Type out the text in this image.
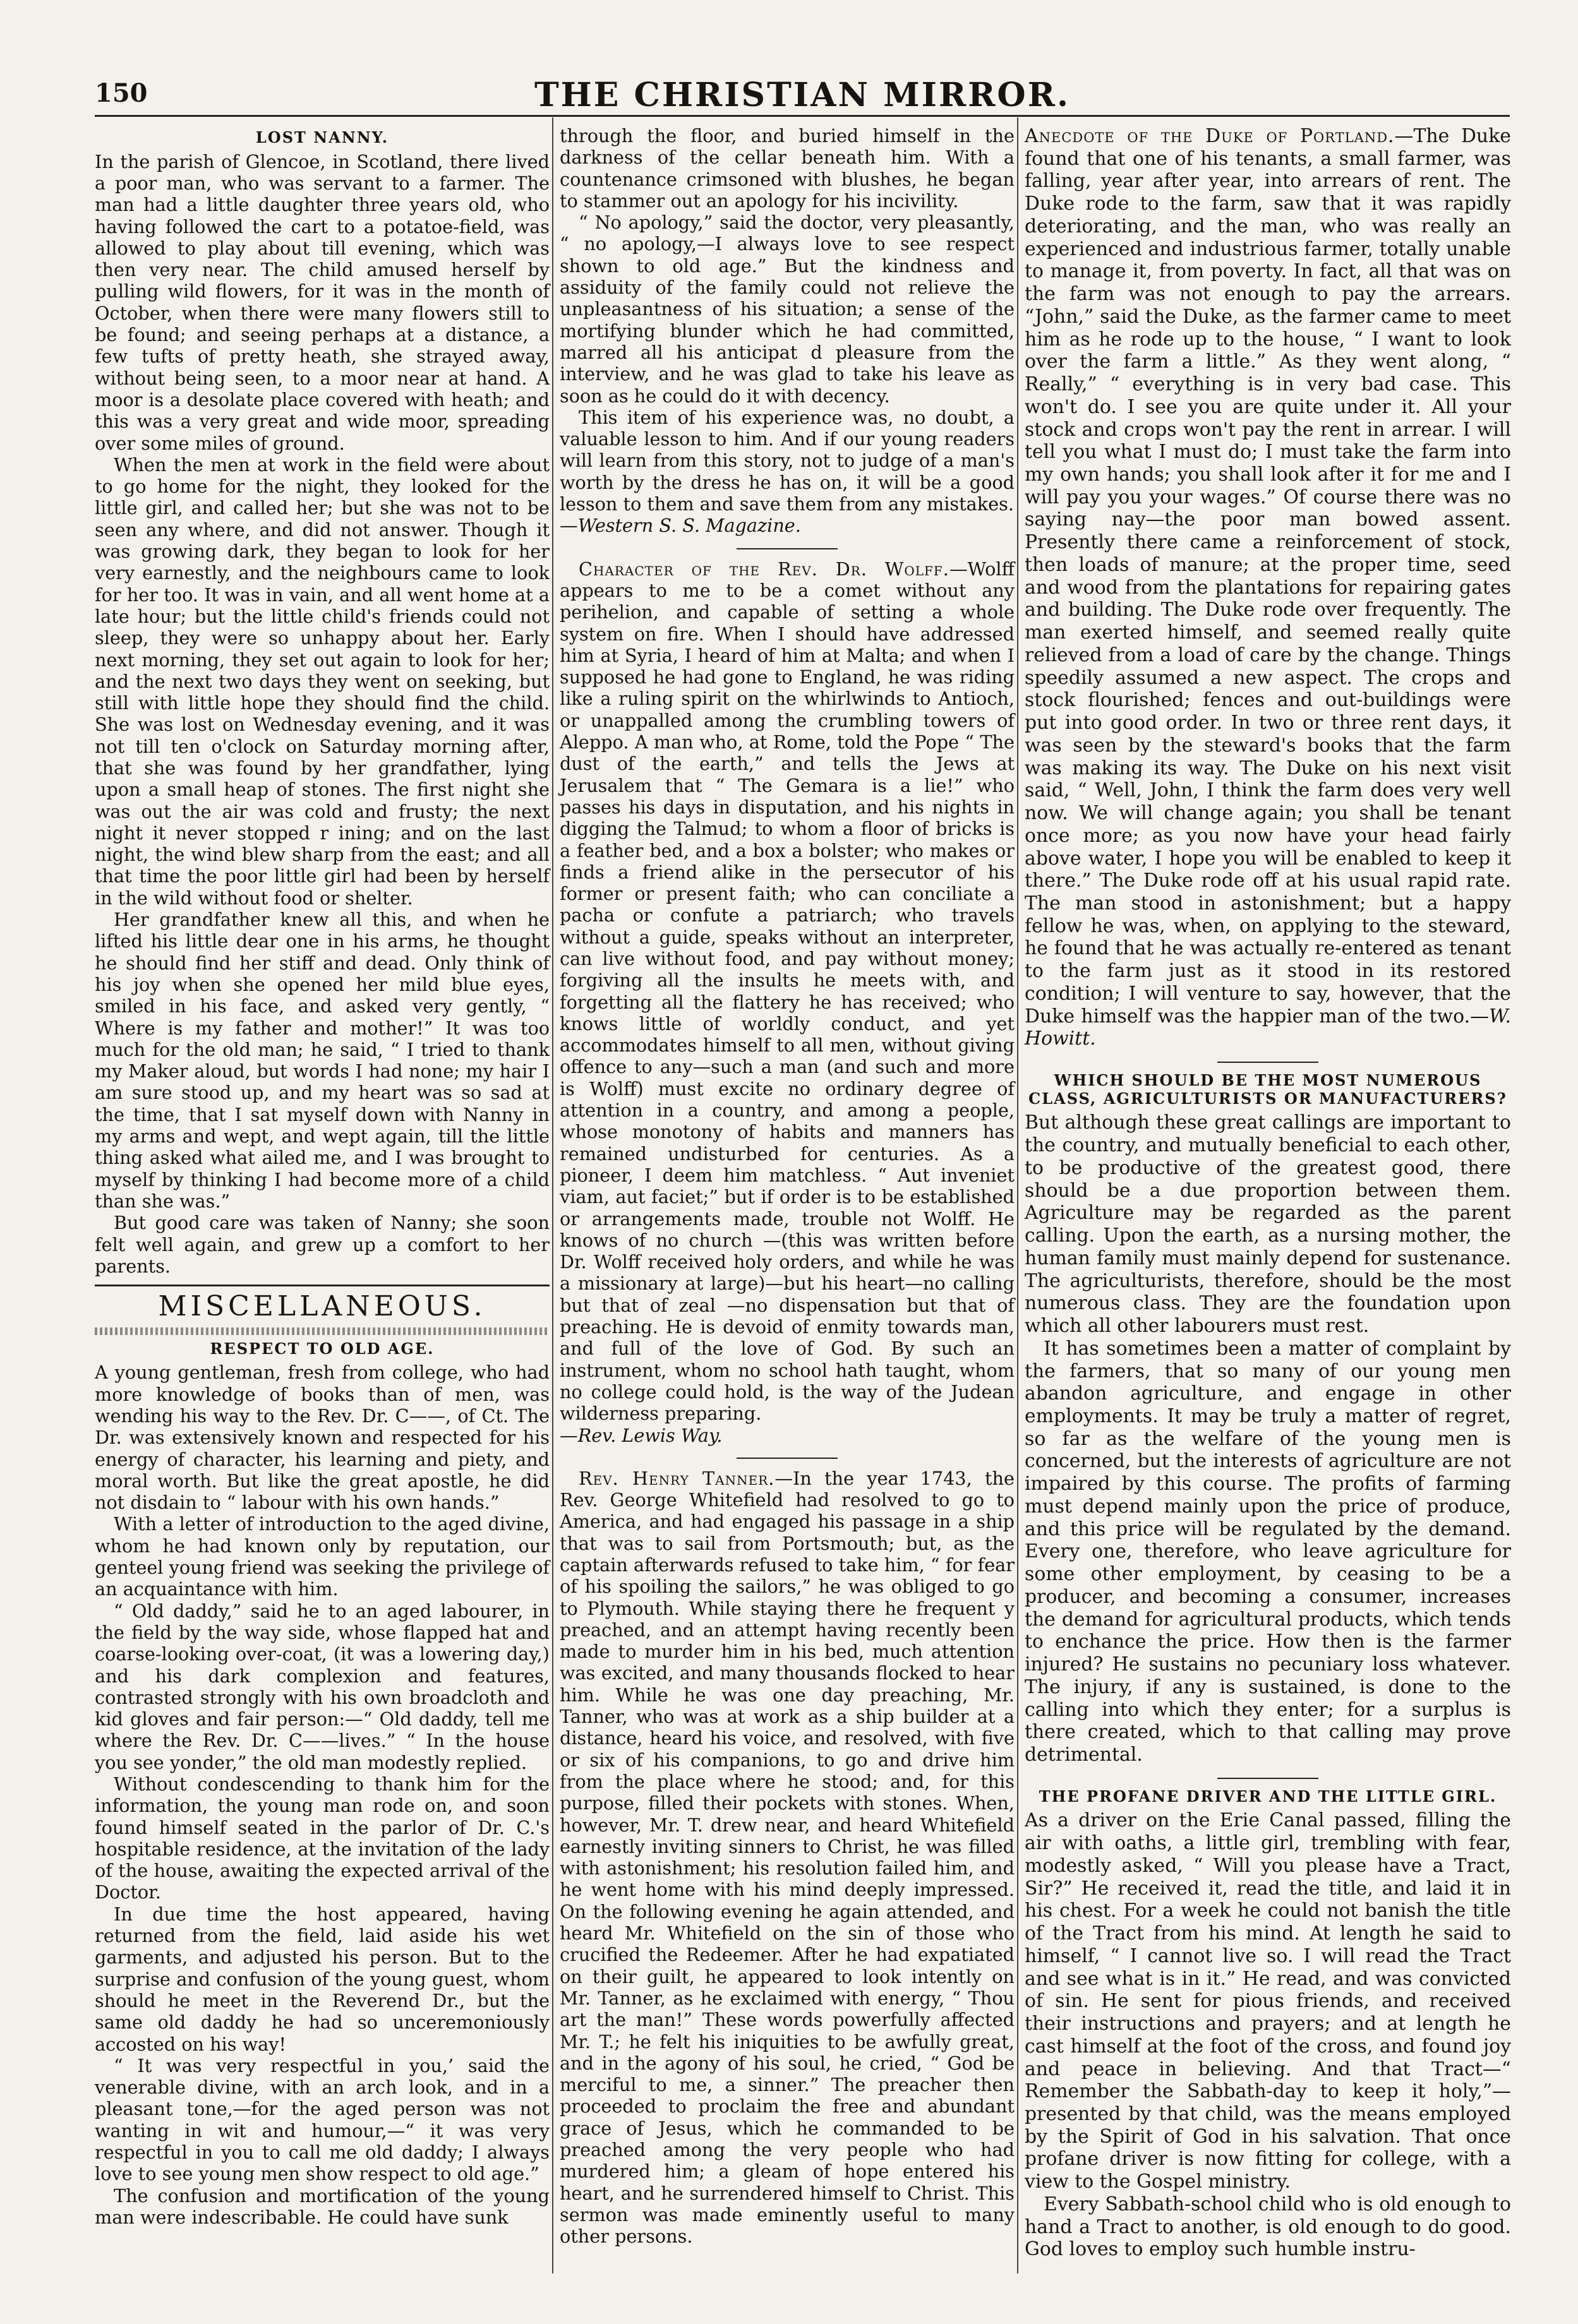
150	THE CHRISTIAN MIRROR.
LOST NANNY.

In the parish of Glencoe, in Scotland, there lived a poor man, who was servant to a farmer. The man had a little daughter three years old, who having followed the cart to a potatoe-field, was allowed to play about till evening, which was then very near. The child amused herself by pulling wild flowers, for it was in the month of October, when there were many flowers still to be found; and seeing perhaps at a distance, a few tufts of pretty heath, she strayed away, without being seen, to a moor near at hand. A moor is a desolate place covered with heath; and this was a very great and wide moor, spreading over some miles of ground.

When the men at work in the field were about to go home for the night, they looked for the little girl, and called her; but she was not to be seen any where, and did not answer. Though it was growing dark, they began to look for her very earnestly, and the neighbours came to look for her too. It was in vain, and all went home at a late hour; but the little child's friends could not sleep, they were so unhappy about her. Early next morning, they set out again to look for her; and the next two days they went on seeking, but still with little hope they should find the child. She was lost on Wednesday evening, and it was not till ten o'clock on Saturday morning after, that she was found by her grandfather, lying upon a small heap of stones. The first night she was out the air was cold and frusty; the next night it never stopped r ining; and on the last night, the wind blew sharp from the east; and all that time the poor little girl had been by herself in the wild without food or shelter.

Her grandfather knew all this, and when he lifted his little dear one in his arms, he thought he should find her stiff and dead. Only think of his joy when she opened her mild blue eyes, smiled in his face, and asked very gently, “ Where is my father and mother!” It was too much for the old man; he said, “ I tried to thank my Maker aloud, but words I had none; my hair I am sure stood up, and my heart was so sad at the time, that I sat myself down with Nanny in my arms and wept, and wept again, till the little thing asked what ailed me, and I was brought to myself by thinking I had become more of a child than she was.”

But good care was taken of Nanny; she soon felt well again, and grew up a comfort to her parents.

MISCELLANEOUS.
RESPECT TO OLD AGE.

A young gentleman, fresh from college, who had more knowledge of books than of men, was wending his way to the Rev. Dr. C——, of Ct. The Dr. was extensively known and respected for his energy of character, his learning and piety, and moral worth. But like the great apostle, he did not disdain to “ labour with his own hands.”

With a letter of introduction to the aged divine, whom he had known only by reputation, our genteel young friend was seeking the privilege of an acquaintance with him.

“ Old daddy,” said he to an aged labourer, in the field by the way side, whose flapped hat and coarse-looking over-coat, (it was a lowering day,) and his dark complexion and features, contrasted strongly with his own broadcloth and kid gloves and fair person:—“ Old daddy, tell me where the Rev. Dr. C——lives.” “ In the house you see yonder,” the old man modestly replied.

Without condescending to thank him for the information, the young man rode on, and soon found himself seated in the parlor of Dr. C.'s hospitable residence, at the invitation of the lady of the house, awaiting the expected arrival of the Doctor.

In due time the host appeared, having returned from the field, laid aside his wet garments, and adjusted his person. But to the surprise and confusion of the young guest, whom should he meet in the Reverend Dr., but the same old daddy he had so unceremoniously accosted on his way!

“ It was very respectful in you,’ said the venerable divine, with an arch look, and in a pleasant tone,—for the aged person was not wanting in wit and humour,—“ it was very respectful in you to call me old daddy; I always love to see young men show respect to old age.”

The confusion and mortification of the young man were indescribable. He could have sunk

through the floor, and buried himself in the darkness of the cellar beneath him. With a countenance crimsoned with blushes, he began to stammer out an apology for his incivility.

“ No apology,” said the doctor, very pleasantly, “ no apology,—I always love to see respect shown to old age.” But the kindness and assiduity of the family could not relieve the unpleasantness of his situation; a sense of the mortifying blunder which he had committed, marred all his anticipat d pleasure from the interview, and he was glad to take his leave as soon as he could do it with decency.

This item of his experience was, no doubt, a valuable lesson to him. And if our young readers will learn from this story, not to judge of a man's worth by the dress he has on, it will be a good lesson to them and save them from any mistakes.
—Western S. S. Magazine.

Character of the Rev. Dr. Wolff.—Wolff appears to me to be a comet without any perihelion, and capable of setting a whole system on fire. When I should have addressed him at Syria, I heard of him at Malta; and when I supposed he had gone to England, he was riding like a ruling spirit on the whirlwinds to Antioch, or unappalled among the crumbling towers of Aleppo. A man who, at Rome, told the Pope “ The dust of the earth,” and tells the Jews at Jerusalem that “ The Gemara is a lie!” who passes his days in disputation, and his nights in digging the Talmud; to whom a floor of bricks is a feather bed, and a box a bolster; who makes or finds a friend alike in the persecutor of his former or present faith; who can conciliate a pacha or confute a patriarch; who travels without a guide, speaks without an interpreter, can live without food, and pay without money; forgiving all the insults he meets with, and forgetting all the flattery he has received; who knows little of worldly conduct, and yet accommodates himself to all men, without giving offence to any—such a man (and such and more is Wolff) must excite no ordinary degree of attention in a country, and among a people, whose monotony of habits and manners has remained undisturbed for centuries. As a pioneer, I deem him matchless. “ Aut inveniet viam, aut faciet;” but if order is to be established or arrangements made, trouble not Wolff. He knows of no church —(this was written before Dr. Wolff received holy orders, and while he was a missionary at large)—but his heart—no calling but that of zeal —no dispensation but that of preaching. He is devoid of enmity towards man, and full of the love of God. By such an instrument, whom no school hath taught, whom no college could hold, is the way of the Judean wilderness preparing.
—Rev. Lewis Way.

Rev. Henry Tanner.—In the year 1743, the Rev. George Whitefield had resolved to go to America, and had engaged his passage in a ship that was to sail from Portsmouth; but, as the captain afterwards refused to take him, “ for fear of his spoiling the sailors,” he was obliged to go to Plymouth. While staying there he frequent y preached, and an attempt having recently been made to murder him in his bed, much attention was excited, and many thousands flocked to hear him. While he was one day preaching, Mr. Tanner, who was at work as a ship builder at a distance, heard his voice, and resolved, with five or six of his companions, to go and drive him from the place where he stood; and, for this purpose, filled their pockets with stones. When, however, Mr. T. drew near, and heard Whitefield earnestly inviting sinners to Christ, he was filled with astonishment; his resolution failed him, and he went home with his mind deeply impressed. On the following evening he again attended, and heard Mr. Whitefield on the sin of those who crucified the Redeemer. After he had expatiated on their guilt, he appeared to look intently on Mr. Tanner, as he exclaimed with energy, “ Thou art the man!” These words powerfully affected Mr. T.; he felt his iniquities to be awfully great, and in the agony of his soul, he cried, “ God be merciful to me, a sinner.” The preacher then proceeded to proclaim the free and abundant grace of Jesus, which he commanded to be preached among the very people who had murdered him; a gleam of hope entered his heart, and he surrendered himself to Christ. This sermon was made eminently useful to many other persons.

Anecdote of the Duke of Portland.—The Duke found that one of his tenants, a small farmer, was falling, year after year, into arrears of rent. The Duke rode to the farm, saw that it was rapidly deteriorating, and the man, who was really an experienced and industrious farmer, totally unable to manage it, from poverty. In fact, all that was on the farm was not enough to pay the arrears. “John,” said the Duke, as the farmer came to meet him as he rode up to the house, “ I want to look over the farm a little.” As they went along, “ Really,” “ everything is in very bad case. This won't do. I see you are quite under it. All your stock and crops won't pay the rent in arrear. I will tell you what I must do; I must take the farm into my own hands; you shall look after it for me and I will pay you your wages.” Of course there was no saying nay—the poor man bowed assent. Presently there came a reinforcement of stock, then loads of manure; at the proper time, seed and wood from the plantations for repairing gates and building. The Duke rode over frequently. The man exerted himself, and seemed really quite relieved from a load of care by the change. Things speedily assumed a new aspect. The crops and stock flourished; fences and out-buildings were put into good order. In two or three rent days, it was seen by the steward's books that the farm was making its way. The Duke on his next visit said, “ Well, John, I think the farm does very well now. We will change again; you shall be tenant once more; as you now have your head fairly above water, I hope you will be enabled to keep it there.” The Duke rode off at his usual rapid rate. The man stood in astonishment; but a happy fellow he was, when, on applying to the steward, he found that he was actually re-entered as tenant to the farm just as it stood in its restored condition; I will venture to say, however, that the Duke himself was the happier man of the two.—W. Howitt.

WHICH SHOULD BE THE MOST NUMEROUS CLASS, AGRICULTURISTS OR MANUFACTURERS?

But although these great callings are important to the country, and mutually beneficial to each other, to be productive of the greatest good, there should be a due proportion between them. Agriculture may be regarded as the parent calling. Upon the earth, as a nursing mother, the human family must mainly depend for sustenance. The agriculturists, therefore, should be the most numerous class. They are the foundation upon which all other labourers must rest.

It has sometimes been a matter of complaint by the farmers, that so many of our young men abandon agriculture, and engage in other employments. It may be truly a matter of regret, so far as the welfare of the young men is concerned, but the interests of agriculture are not impaired by this course. The profits of farming must depend mainly upon the price of produce, and this price will be regulated by the demand. Every one, therefore, who leave agriculture for some other employment, by ceasing to be a producer, and becoming a consumer, increases the demand for agricultural products, which tends to enchance the price. How then is the farmer injured? He sustains no pecuniary loss whatever. The injury, if any is sustained, is done to the calling into which they enter; for a surplus is there created, which to that calling may prove detrimental.

THE PROFANE DRIVER AND THE LITTLE GIRL.

As a driver on the Erie Canal passed, filling the air with oaths, a little girl, trembling with fear, modestly asked, “ Will you please have a Tract, Sir?” He received it, read the title, and laid it in his chest. For a week he could not banish the title of the Tract from his mind. At length he said to himself, “ I cannot live so. I will read the Tract and see what is in it.” He read, and was convicted of sin. He sent for pious friends, and received their instructions and prayers; and at length he cast himself at the foot of the cross, and found joy and peace in believing. And that Tract—“ Remember the Sabbath-day to keep it holy,”—presented by that child, was the means employed by the Spirit of God in his salvation. That once profane driver is now fitting for college, with a view to the Gospel ministry.

Every Sabbath-school child who is old enough to hand a Tract to another, is old enough to do good. God loves to employ such humble instru-
